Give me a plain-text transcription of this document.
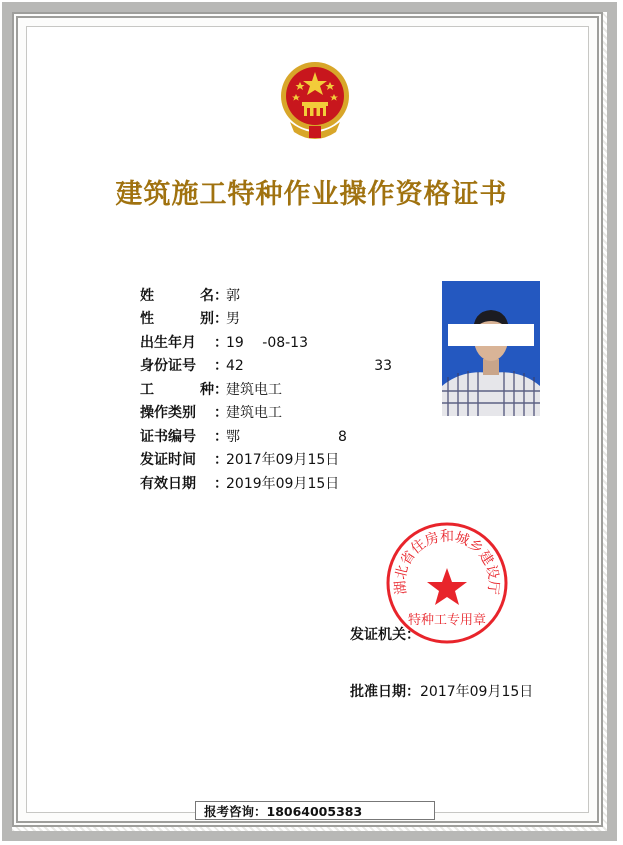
建筑施工特种作业操作资格证书
姓　名 ：
郭
性　别 ：
男
出生年月	：
19　 -08-13
身份证号	：
42　　　　　　　　　 33
工　种 ：
建筑电工
操作类别	：
建筑电工
证书编号	：
鄂　　　　　　　8
发证时间	：
2017年09月15日
有效日期	：
2019年09月15日
湖北省住房和城乡建设厅
特种工专用章
发证机关：
批准日期：2017年09月15日
报考咨询：18064005383
